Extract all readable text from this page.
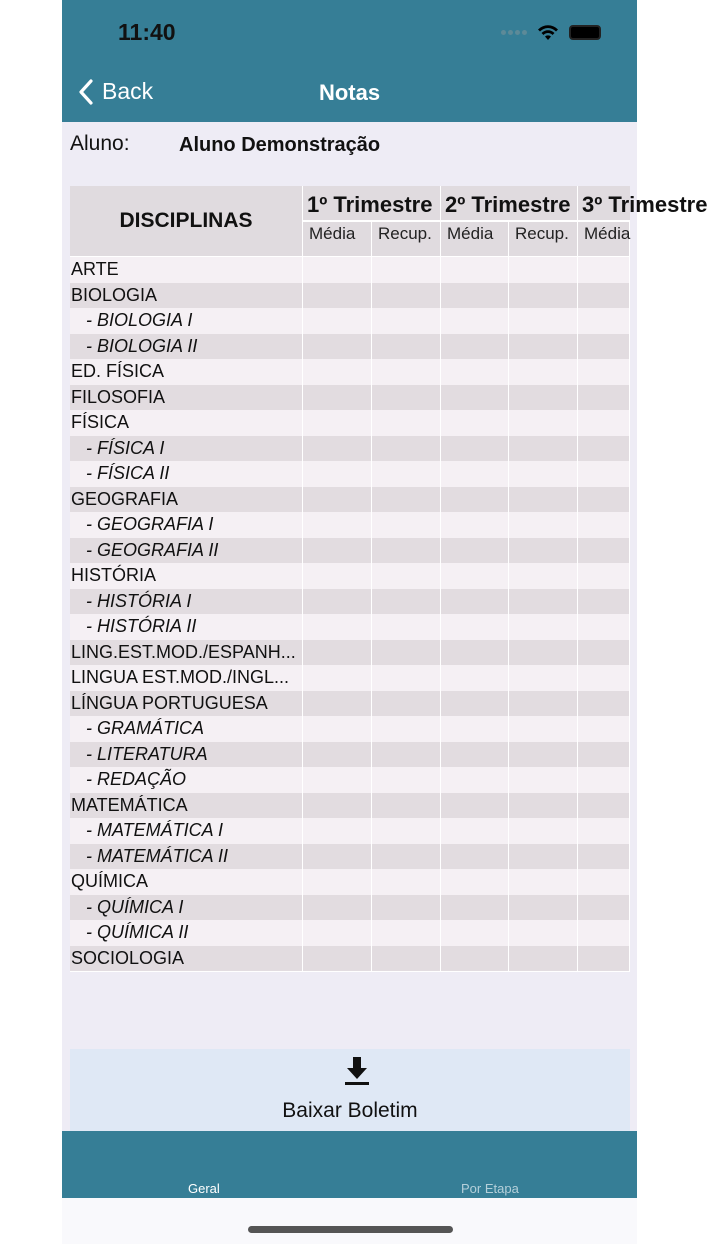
11:40
Back	Notas
Aluno: Aluno Demonstração
DISCIPLINAS
1º Trimestre 2º Trimestre 3º Trimestre
Média	Recup. Média	Recup. Média
ARTE
BIOLOGIA
- BIOLOGIA I
- BIOLOGIA II
ED. FÍSICA
FILOSOFIA
FÍSICA
- FÍSICA I
- FÍSICA II
GEOGRAFIA
- GEOGRAFIA I
- GEOGRAFIA II
HISTÓRIA
- HISTÓRIA I
- HISTÓRIA II
LING.EST.MOD./ESPANH...
LINGUA EST.MOD./INGL...
LÍNGUA PORTUGUESA
- GRAMÁTICA
- LITERATURA
- REDAÇÃO
MATEMÁTICA
- MATEMÁTICA I
- MATEMÁTICA II
QUÍMICA
- QUÍMICA I
- QUÍMICA II
SOCIOLOGIA
Baixar Boletim
Geral	Por Etapa
